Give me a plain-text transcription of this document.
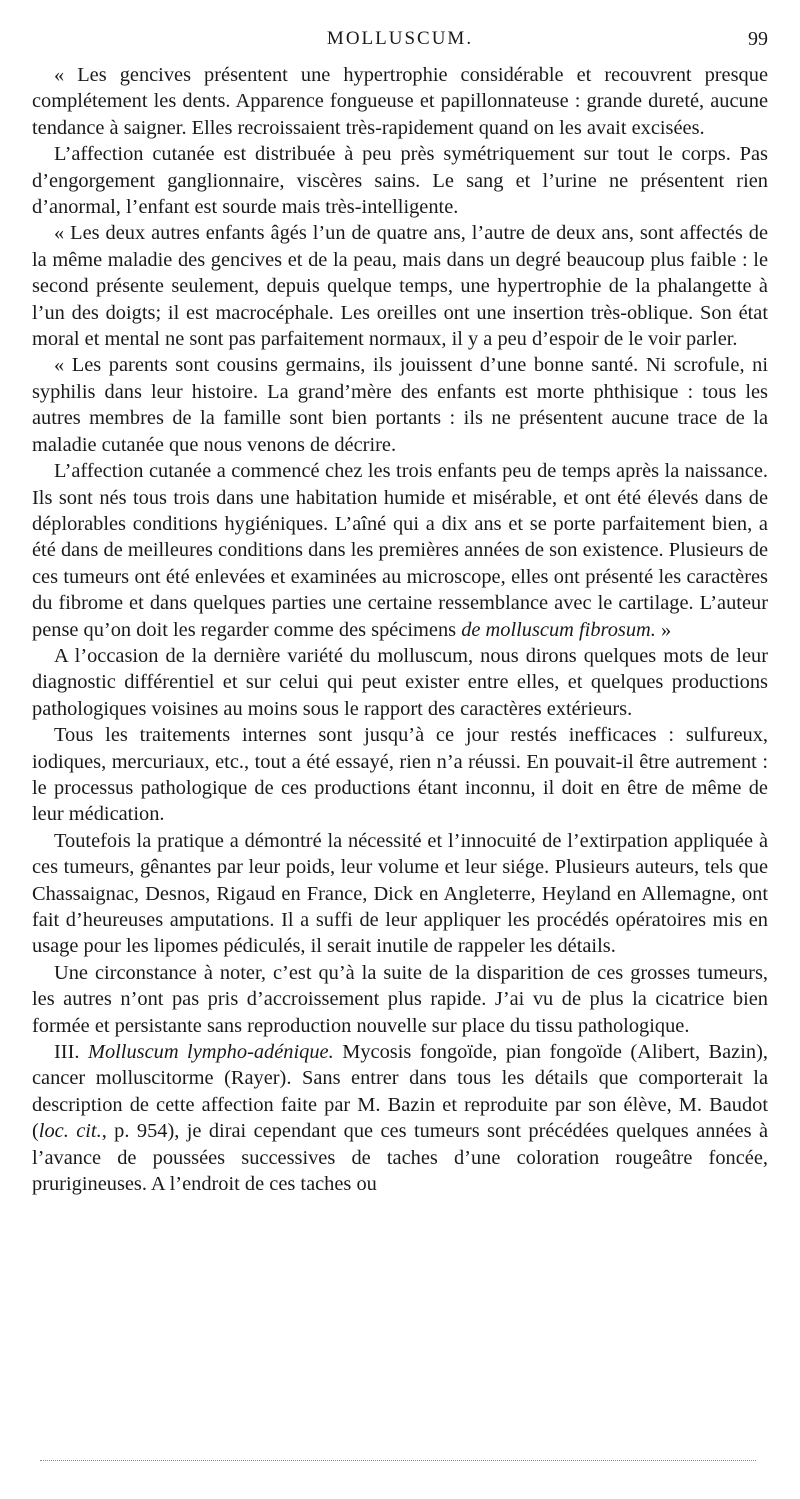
MOLLUSCUM.	99

« Les gencives présentent une hypertrophie considérable et recouvrent presque complétement les dents. Apparence fongueuse et papillonnateuse : grande dureté, aucune tendance à saigner. Elles recroissaient très-rapidement quand on les avait excisées.

L’affection cutanée est distribuée à peu près symétriquement sur tout le corps. Pas d’engorgement ganglionnaire, viscères sains. Le sang et l’urine ne présentent rien d’anormal, l’enfant est sourde mais très-intelligente.

« Les deux autres enfants âgés l’un de quatre ans, l’autre de deux ans, sont affectés de la même maladie des gencives et de la peau, mais dans un degré beaucoup plus faible : le second présente seulement, depuis quelque temps, une hypertrophie de la phalangette à l’un des doigts; il est macrocéphale. Les oreilles ont une insertion très-oblique. Son état moral et mental ne sont pas parfaitement normaux, il y a peu d’espoir de le voir parler.

« Les parents sont cousins germains, ils jouissent d’une bonne santé. Ni scrofule, ni syphilis dans leur histoire. La grand’mère des enfants est morte phthisique : tous les autres membres de la famille sont bien portants : ils ne présentent aucune trace de la maladie cutanée que nous venons de décrire.

L’affection cutanée a commencé chez les trois enfants peu de temps après la naissance. Ils sont nés tous trois dans une habitation humide et misérable, et ont été élevés dans de déplorables conditions hygiéniques. L’aîné qui a dix ans et se porte parfaitement bien, a été dans de meilleures conditions dans les premières années de son existence. Plusieurs de ces tumeurs ont été enlevées et examinées au microscope, elles ont présenté les caractères du fibrome et dans quelques parties une certaine ressemblance avec le cartilage. L’auteur pense qu’on doit les regarder comme des spécimens de molluscum fibrosum. »

A l’occasion de la dernière variété du molluscum, nous dirons quelques mots de leur diagnostic différentiel et sur celui qui peut exister entre elles, et quelques productions pathologiques voisines au moins sous le rapport des caractères extérieurs.

Tous les traitements internes sont jusqu’à ce jour restés inefficaces : sulfureux, iodiques, mercuriaux, etc., tout a été essayé, rien n’a réussi. En pouvait-il être autrement : le processus pathologique de ces productions étant inconnu, il doit en être de même de leur médication.

Toutefois la pratique a démontré la nécessité et l’innocuité de l’extirpation appliquée à ces tumeurs, gênantes par leur poids, leur volume et leur siége. Plusieurs auteurs, tels que Chassaignac, Desnos, Rigaud en France, Dick en Angleterre, Heyland en Allemagne, ont fait d’heureuses amputations. Il a suffi de leur appliquer les procédés opératoires mis en usage pour les lipomes pédiculés, il serait inutile de rappeler les détails.

Une circonstance à noter, c’est qu’à la suite de la disparition de ces grosses tumeurs, les autres n’ont pas pris d’accroissement plus rapide. J’ai vu de plus la cicatrice bien formée et persistante sans reproduction nouvelle sur place du tissu pathologique.

III. Molluscum lympho-adénique. Mycosis fongoïde, pian fongoïde (Alibert, Bazin), cancer molluscitorme (Rayer). Sans entrer dans tous les détails que comporterait la description de cette affection faite par M. Bazin et reproduite par son élève, M. Baudot (loc. cit., p. 954), je dirai cependant que ces tumeurs sont précédées quelques années à l’avance de poussées successives de taches d’une coloration rougeâtre foncée, prurigineuses. A l’endroit de ces taches ou
